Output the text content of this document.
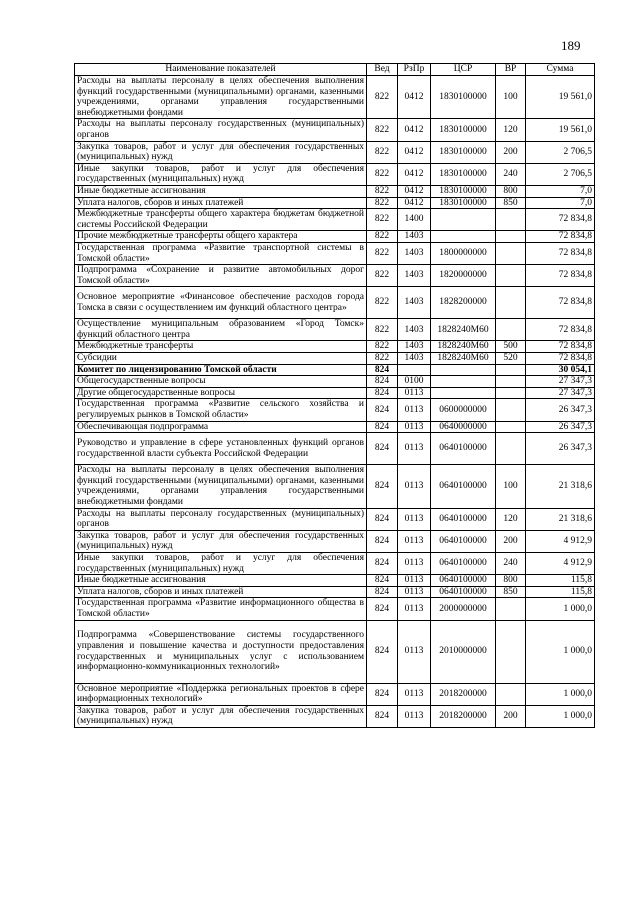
189
Наименование показателей	Вед	РзПр	ЦСР	ВР	Сумма
Расходы на выплаты персоналу в целях обеспечения выполнения функций государственными (муниципальными) органами, казенными учреждениями, органами управления государственными внебюджетными фондами	822	0412	1830100000	100	19 561,0
Расходы на выплаты персоналу государственных (муниципальных) органов	822	0412	1830100000	120	19 561,0
Закупка товаров, работ и услуг для обеспечения государственных (муниципальных) нужд	822	0412	1830100000	200	2 706,5
Иные закупки товаров, работ и услуг для обеспечения государственных (муниципальных) нужд	822	0412	1830100000	240	2 706,5
Иные бюджетные ассигнования	822	0412	1830100000	800	7,0
Уплата налогов, сборов и иных платежей	822	0412	1830100000	850	7,0
Межбюджетные трансферты общего характера бюджетам бюджетной системы Российской Федерации	822	1400			72 834,8
Прочие межбюджетные трансферты общего характера	822	1403			72 834,8
Государственная программа «Развитие транспортной системы в Томской области»	822	1403	1800000000		72 834,8
Подпрограмма «Сохранение и развитие автомобильных дорог Томской области»	822	1403	1820000000		72 834,8
Основное мероприятие «Финансовое обеспечение расходов города Томска в связи с осуществлением им функций областного центра»	822	1403	1828200000		72 834,8
Осуществление муниципальным образованием «Город Томск» функций областного центра	822	1403	1828240М60		72 834,8
Межбюджетные трансферты	822	1403	1828240М60	500	72 834,8
Субсидии	822	1403	1828240М60	520	72 834,8
Комитет по лицензированию Томской области	824				30 054,1
Общегосударственные вопросы	824	0100			27 347,3
Другие общегосударственные вопросы	824	0113			27 347,3
Государственная программа «Развитие сельского хозяйства и регулируемых рынков в Томской области»	824	0113	0600000000		26 347,3
Обеспечивающая подпрограмма	824	0113	0640000000		26 347,3
Руководство и управление в сфере установленных функций органов государственной власти субъекта Российской Федерации	824	0113	0640100000		26 347,3
Расходы на выплаты персоналу в целях обеспечения выполнения функций государственными (муниципальными) органами, казенными учреждениями, органами управления государственными внебюджетными фондами	824	0113	0640100000	100	21 318,6
Расходы на выплаты персоналу государственных (муниципальных) органов	824	0113	0640100000	120	21 318,6
Закупка товаров, работ и услуг для обеспечения государственных (муниципальных) нужд	824	0113	0640100000	200	4 912,9
Иные закупки товаров, работ и услуг для обеспечения государственных (муниципальных) нужд	824	0113	0640100000	240	4 912,9
Иные бюджетные ассигнования	824	0113	0640100000	800	115,8
Уплата налогов, сборов и иных платежей	824	0113	0640100000	850	115,8
Государственная программа «Развитие информационного общества в Томской области»	824	0113	2000000000		1 000,0
Подпрограмма «Совершенствование системы государственного управления и повышение качества и доступности предоставления государственных и муниципальных услуг с использованием информационно-коммуникационных технологий»	824	0113	2010000000		1 000,0
Основное мероприятие «Поддержка региональных проектов в сфере информационных технологий»	824	0113	2018200000		1 000,0
Закупка товаров, работ и услуг для обеспечения государственных (муниципальных) нужд	824	0113	2018200000	200	1 000,0
